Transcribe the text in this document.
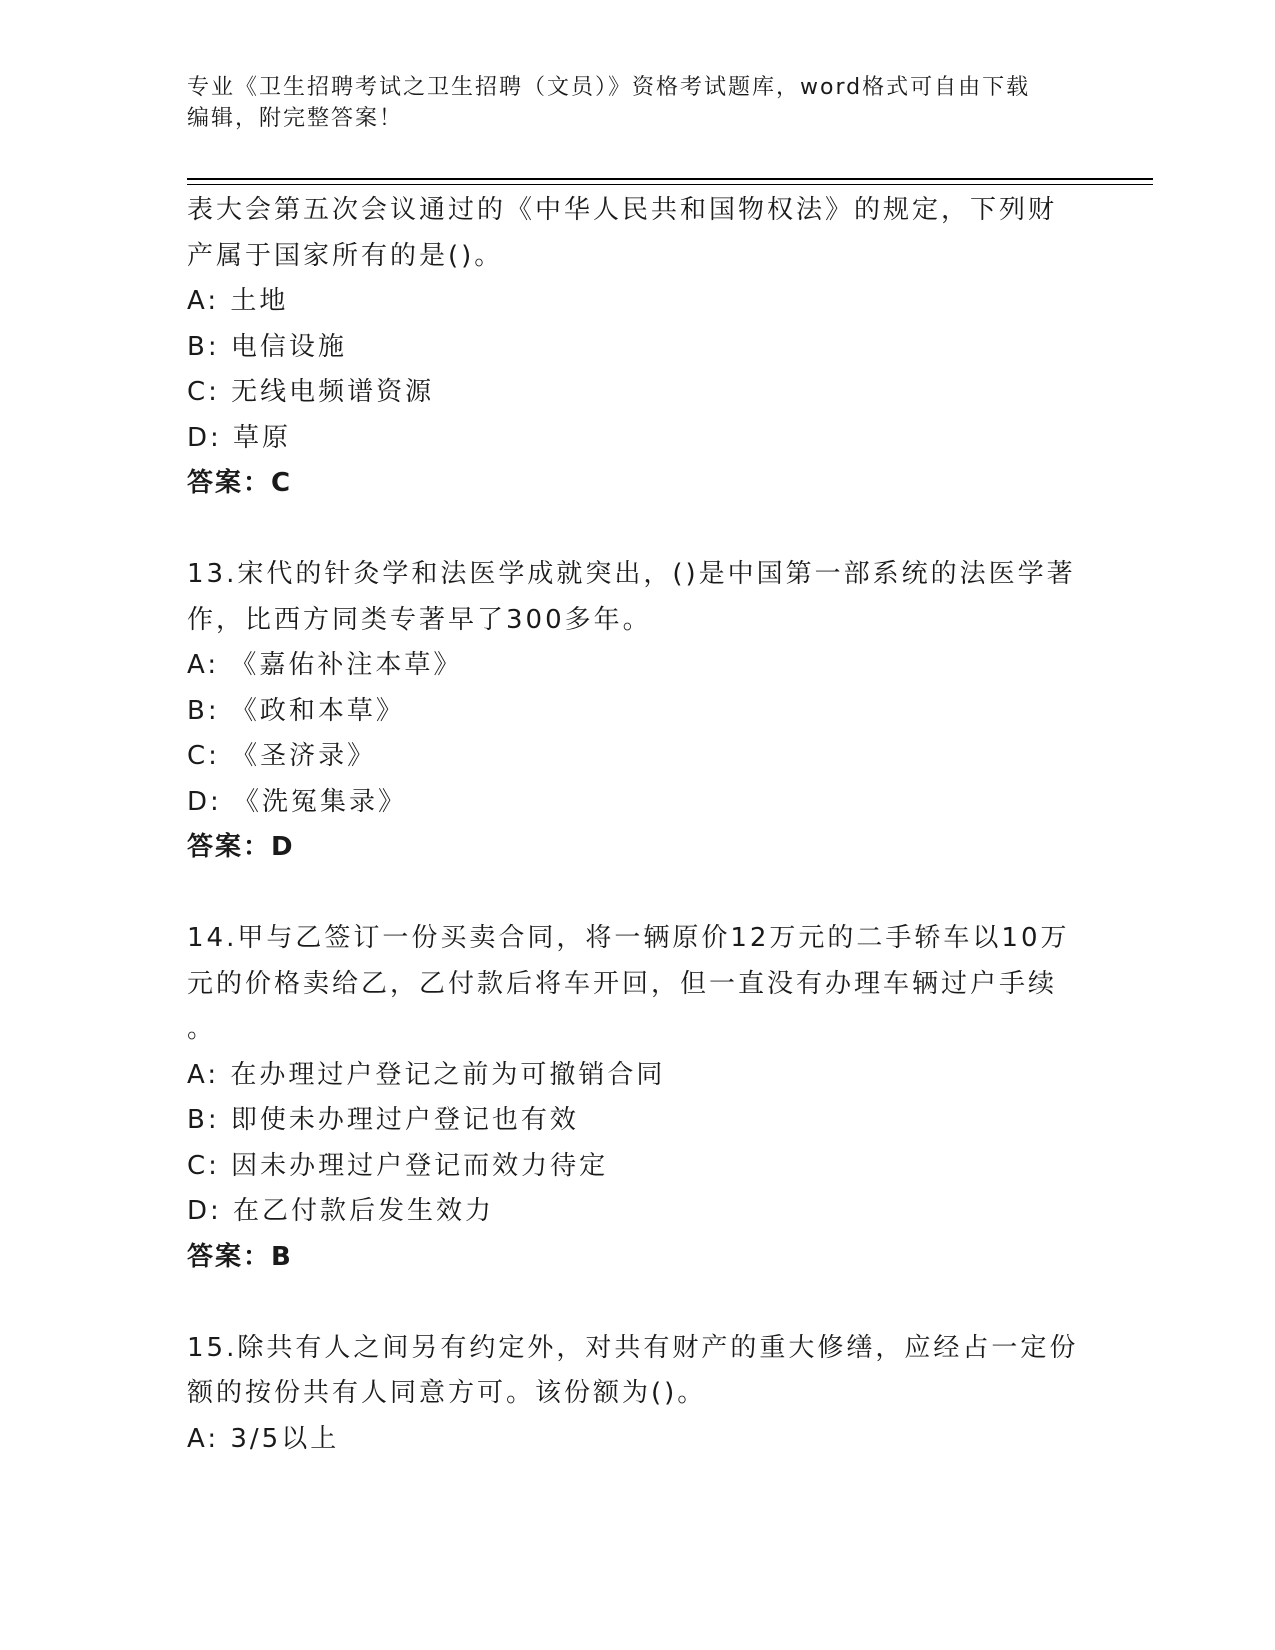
专业《卫生招聘考试之卫生招聘（文员）》资格考试题库，word格式可自由下载
编辑，附完整答案！
表大会第五次会议通过的《中华人民共和国物权法》的规定，下列财
产属于国家所有的是()。
A: 土地
B: 电信设施
C: 无线电频谱资源
D: 草原
答案：C
13.宋代的针灸学和法医学成就突出，()是中国第一部系统的法医学著
作，比西方同类专著早了300多年。
A: 《嘉佑补注本草》
B: 《政和本草》
C: 《圣济录》
D: 《洗冤集录》
答案：D
14.甲与乙签订一份买卖合同，将一辆原价12万元的二手轿车以10万
元的价格卖给乙，乙付款后将车开回，但一直没有办理车辆过户手续
。
A: 在办理过户登记之前为可撤销合同
B: 即使未办理过户登记也有效
C: 因未办理过户登记而效力待定
D: 在乙付款后发生效力
答案：B
15.除共有人之间另有约定外，对共有财产的重大修缮，应经占一定份
额的按份共有人同意方可。该份额为()。
A: 3/5以上
